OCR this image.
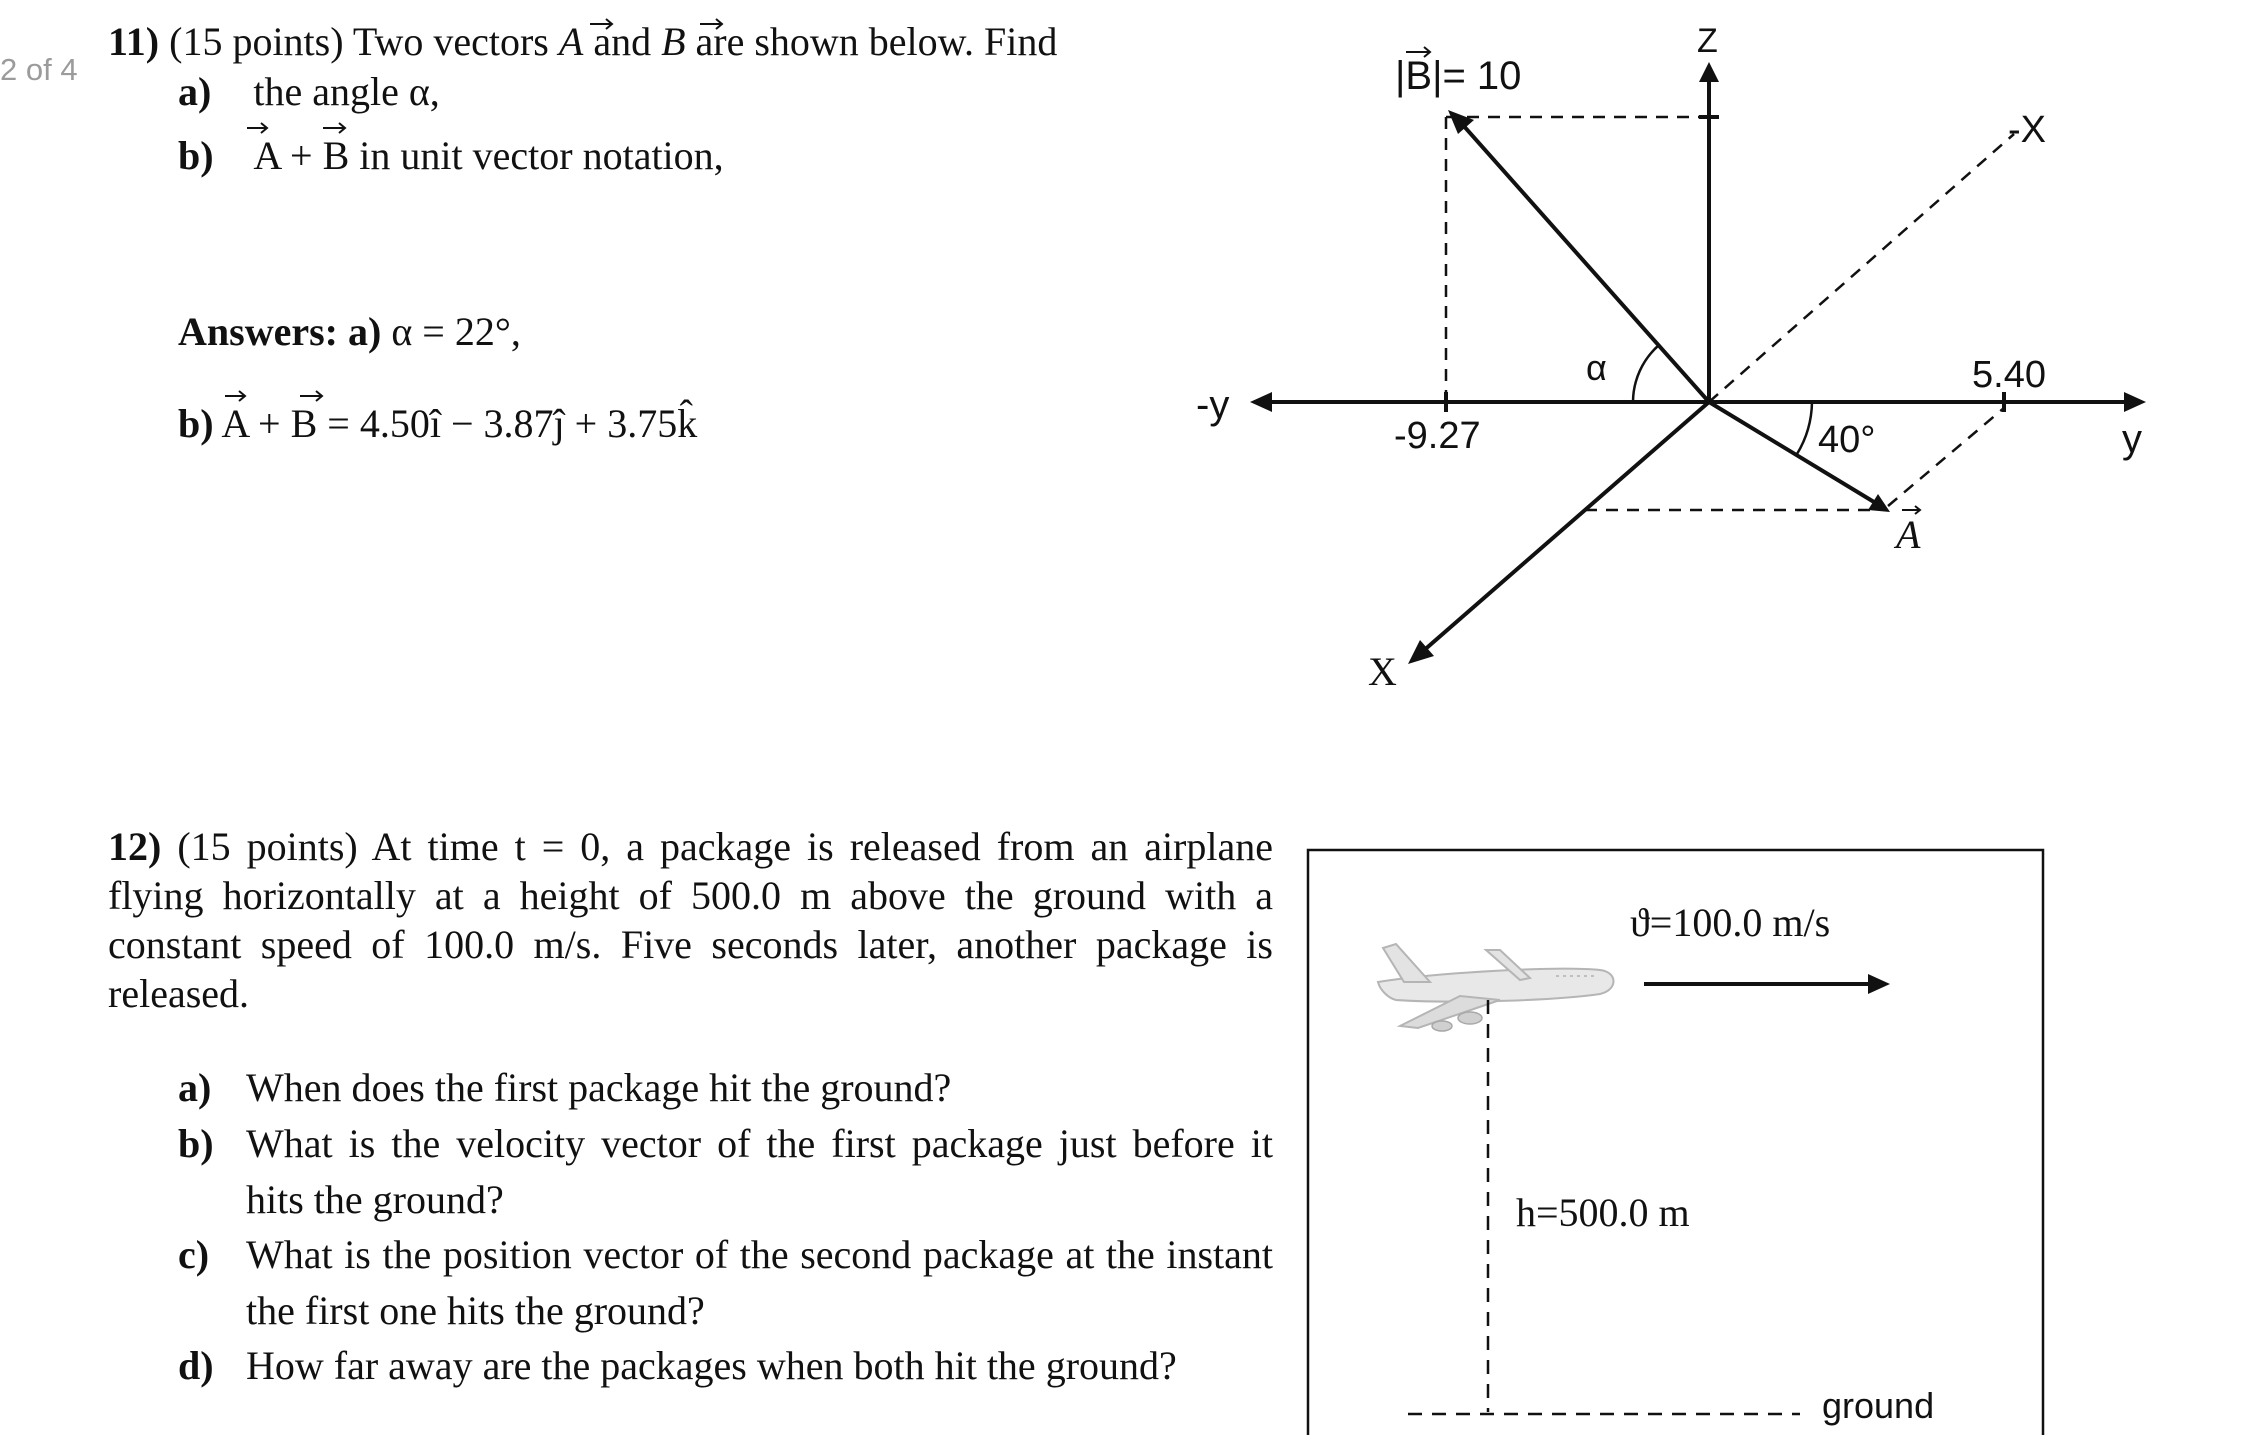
2 of 4
11) (15 points) Two vectors A and B are shown below. Find
a) the angle α,
b) A + B in unit vector notation,
Answers: a) α = 22°,
b) A + B = 4.50î − 3.87ĵ + 3.75k̂
Z
-X
-y
y
X
|B|= 10
α
-9.27
5.40
40°
A
12) (15 points) At time t = 0, a package is released from an airplane flying horizontally at a height of 500.0 m above the ground with a constant speed of 100.0 m/s. Five seconds later, another package is released.
a) When does the first package hit the ground?
b) What is the velocity vector of the first package just before it hits the ground?
c) What is the position vector of the second package at the instant the first one hits the ground?
d) How far away are the packages when both hit the ground?
ϑ=100.0 m/s
h=500.0 m
ground
